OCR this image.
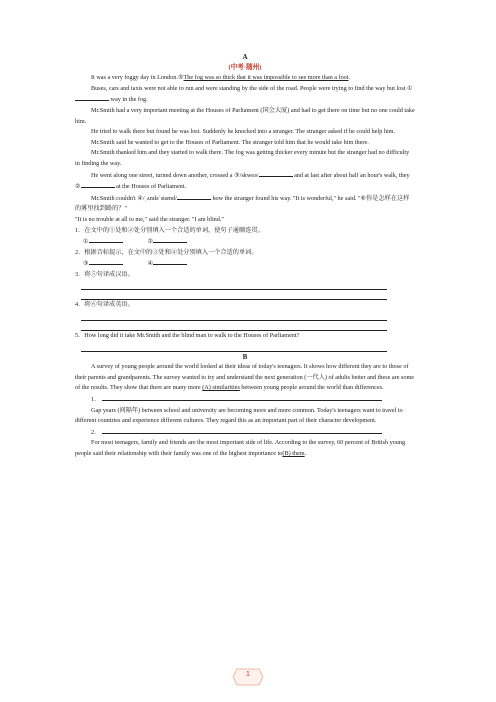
A

(中考·随州)

It was a very foggy day in London.⑤The fog was so thick that it was impossible to see more than a foot.

Buses, cars and taxis were not able to run and were standing by the side of the road. People were trying to find the way but lost ① way in the fog.

Mr.Smith had a very important meeting at the Houses of Parliament (国会大厦) and had to get there on time but no one could take him.

He tried to walk there but found he was lost. Suddenly he knocked into a stranger. The stranger asked if he could help him.

Mr.Smith said he wanted to get to the Houses of Parliament. The stranger told him that he would take him there.

Mr.Smith thanked him and they started to walk there. The fog was getting thicker every minute but the stranger had no difficulty in finding the way.

He went along one street, turned down another, crossed a ③/skweə/	and at last after about half an hour's walk, they ②	at the Houses of Parliament.

Mr.Smith couldn't ④/ˌʌndəˈstænd/	how the stranger found his way. "It is wonderful," he said. "⑥你是怎样在这样的雾里找到路的？"

"It is no trouble at all to me," said the stranger. "I am blind."

1．在文中的①处和②处分别填入一个合适的单词，使句子通顺连贯。

①	②

2．根据音标提示，在文中的③处和④处分别填入一个合适的单词。

③	④

3．将⑤句译成汉语。

4．将⑥句译成英语。

5．How long did it take Mr.Smith and the blind man to walk to the Houses of Parliament?

B

A survey of young people around the world looked at their ideas of today's teenagers. It shows how different they are to those of their parents and grandparents. The survey wanted to try and understand the next generation (一代人) of adults better and these are some of the results. They show that there are many more (A) similarities between young people around the world than differences.

1．

Gap years (间隔年) between school and university are becoming more and more common. Today's teenagers want to travel to different countries and experience different cultures. They regard this as an important part of their character development.

2．

For most teenagers, family and friends are the most important side of life. According to the survey, 60 percent of British young people said their relationship with their family was one of the highest importance to(B) them.

1
